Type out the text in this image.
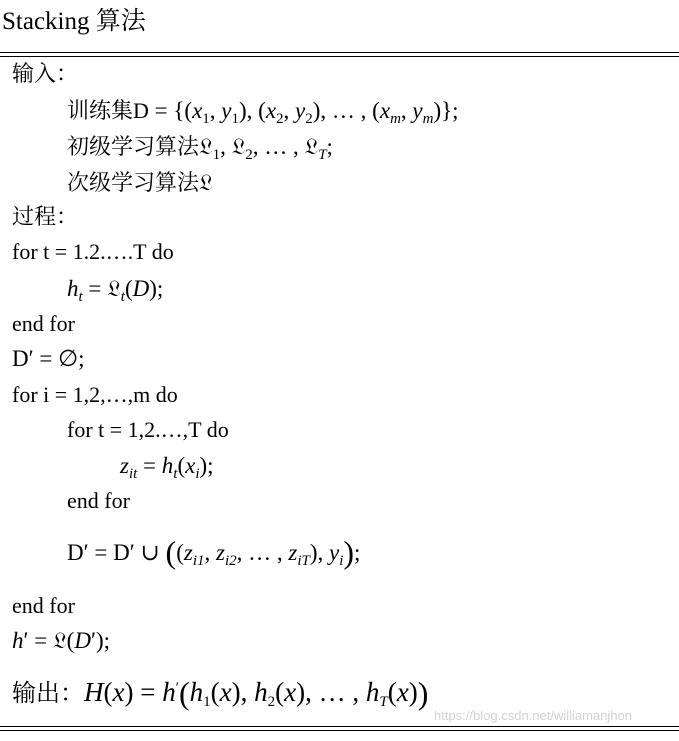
Stacking 算法
输入：
训练集$D = \{(x_1$, $y_1$), ($x_2$, $y_2$), … , ($x_m$, $y_m$)};
初级学习算法𝔏$_1$, 𝔏$_2$, … , 𝔏$_T$;
次级学习算法𝔏
过程：
for t = 1.2.….T do
$h_t$ = 𝔏$_t$(D);
end for
D′ = ∅;
for i = 1,2,…,m do
for t = 1,2.…,T do
$z_{it} = h_t(x_i)$;
end for
D′ = D′ ∪ (($z_{i1}$, $z_{i2}$, … , $z_{iT}$), $y_i$);
end for
h′ = 𝔏(D′);
输出：$H(x) = h'(h_1(x)$, $h_2(x)$, … , $h_T(x)$)
https://blog.csdn.net/williamanjhon
